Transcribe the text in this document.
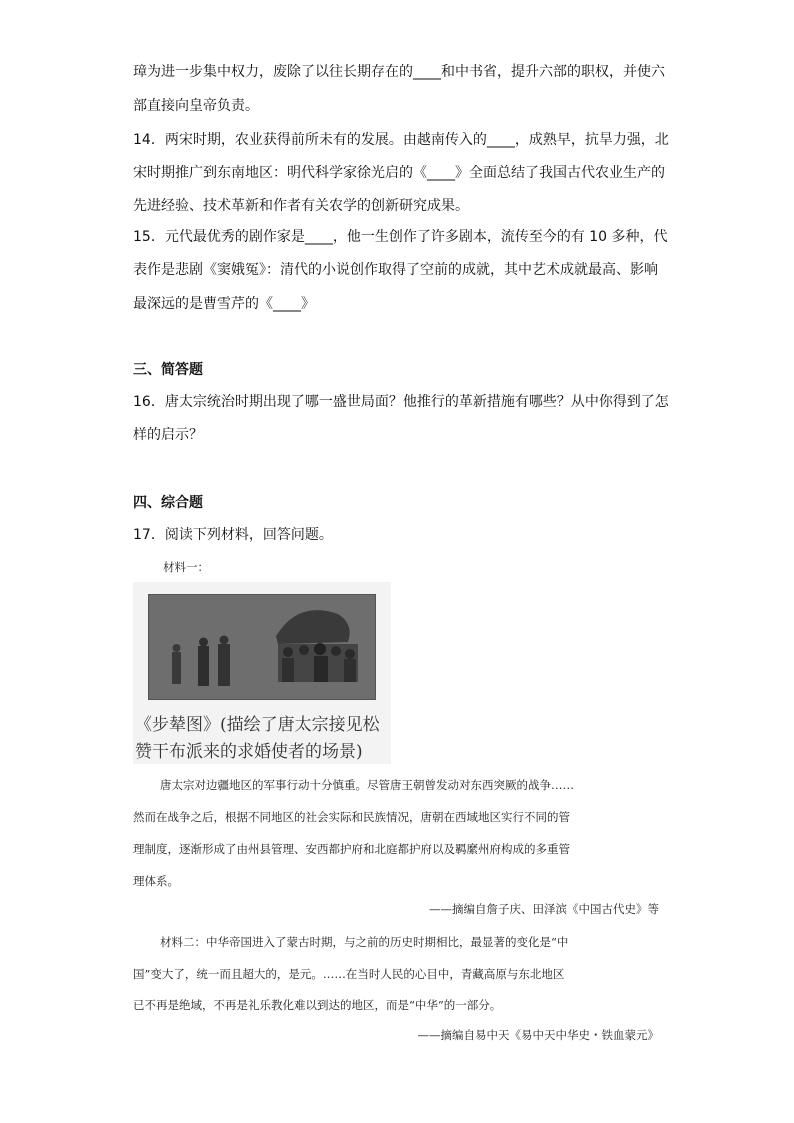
璋为进一步集中权力，废除了以往长期存在的____和中书省，提升六部的职权，并使六
部直接向皇帝负责。
14．两宋时期，农业获得前所未有的发展。由越南传入的____，成熟早，抗旱力强，北
宋时期推广到东南地区：明代科学家徐光启的《____》全面总结了我国古代农业生产的
先进经验、技术革新和作者有关农学的创新研究成果。
15．元代最优秀的剧作家是____，他一生创作了许多剧本，流传至今的有 10 多种，代
表作是悲剧《窦娥冤》：清代的小说创作取得了空前的成就，其中艺术成就最高、影响
最深远的是曹雪芹的《____》
三、简答题
16．唐太宗统治时期出现了哪一盛世局面？他推行的革新措施有哪些？从中你得到了怎
样的启示？
四、综合题
17．阅读下列材料，回答问题。
材料一：
《步辇图》(描绘了唐太宗接见松
赞干布派来的求婚使者的场景)
唐太宗对边疆地区的军事行动十分慎重。尽管唐王朝曾发动对东西突厥的战争……
然而在战争之后，根据不同地区的社会实际和民族情况，唐朝在西域地区实行不同的管
理制度，逐渐形成了由州县管理、安西都护府和北庭都护府以及羁縻州府构成的多重管
理体系。
——摘编自詹子庆、田泽滨《中国古代史》等
材料二：中华帝国进入了蒙古时期，与之前的历史时期相比，最显著的变化是“中
国”变大了，统一而且超大的，是元。……在当时人民的心目中，青藏高原与东北地区
已不再是绝域，不再是礼乐教化难以到达的地区，而是“中华”的一部分。
——摘编自易中天《易中天中华史・铁血蒙元》
